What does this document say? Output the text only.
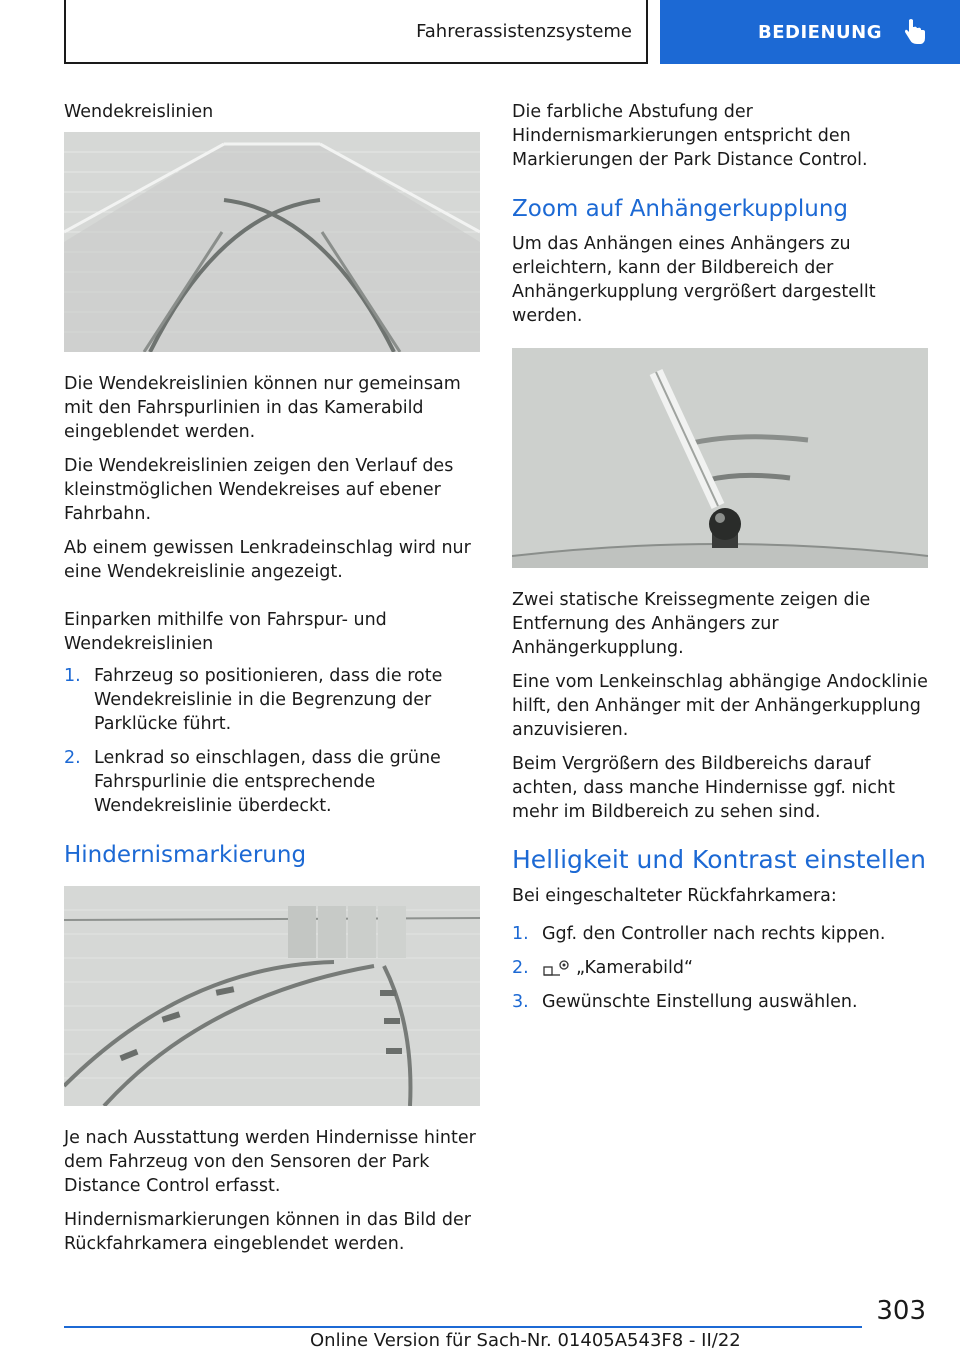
Fahrerassistenzsysteme	BEDIENUNG

Wendekreislinien

Die Wendekreislinien können nur gemeinsam mit den Fahrspurlinien in das Kamerabild eingeblendet werden.

Die Wendekreislinien zeigen den Verlauf des kleinstmöglichen Wendekreises auf ebener Fahrbahn.

Ab einem gewissen Lenkradeinschlag wird nur eine Wendekreislinie angezeigt.

Einparken mithilfe von Fahrspur- und Wendekreislinien

1. Fahrzeug so positionieren, dass die rote Wendekreislinie in die Begrenzung der Parklücke führt.
2. Lenkrad so einschlagen, dass die grüne Fahrspurlinie die entsprechende Wendekreislinie überdeckt.

Hindernismarkierung

Je nach Ausstattung werden Hindernisse hinter dem Fahrzeug von den Sensoren der Park Distance Control erfasst.

Hindernismarkierungen können in das Bild der Rückfahrkamera eingeblendet werden.

Die farbliche Abstufung der Hindernismarkierungen entspricht den Markierungen der Park Distance Control.

Zoom auf Anhängerkupplung

Um das Anhängen eines Anhängers zu erleichtern, kann der Bildbereich der Anhängerkupplung vergrößert dargestellt werden.

Zwei statische Kreissegmente zeigen die Entfernung des Anhängers zur Anhängerkupplung.

Eine vom Lenkeinschlag abhängige Andocklinie hilft, den Anhänger mit der Anhängerkupplung anzuvisieren.

Beim Vergrößern des Bildbereichs darauf achten, dass manche Hindernisse ggf. nicht mehr im Bildbereich zu sehen sind.

Helligkeit und Kontrast einstellen

Bei eingeschalteter Rückfahrkamera:

1. Ggf. den Controller nach rechts kippen.
2.	„Kamerabild“
3. Gewünschte Einstellung auswählen.
303
Online Version für Sach-Nr. 01405A543F8 - II/22
